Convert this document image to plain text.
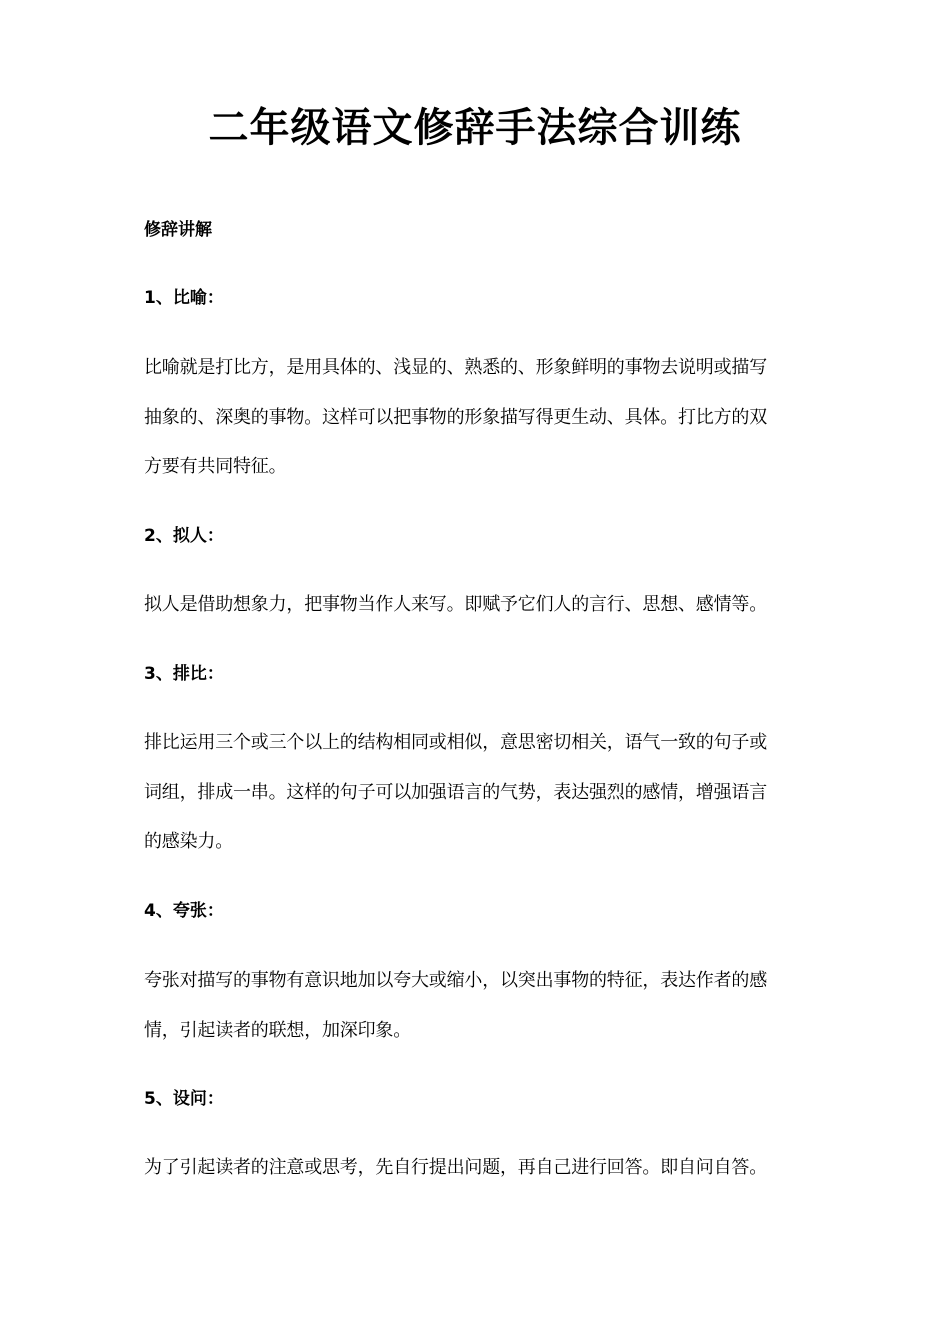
二年级语文修辞手法综合训练
修辞讲解
1、比喻：

比喻就是打比方，是用具体的、浅显的、熟悉的、形象鲜明的事物去说明或描写
抽象的、深奥的事物。这样可以把事物的形象描写得更生动、具体。打比方的双
方要有共同特征。

2、拟人：

拟人是借助想象力，把事物当作人来写。即赋予它们人的言行、思想、感情等。

3、排比：

排比运用三个或三个以上的结构相同或相似，意思密切相关，语气一致的句子或
词组，排成一串。这样的句子可以加强语言的气势，表达强烈的感情，增强语言
的感染力。

4、夸张：

夸张对描写的事物有意识地加以夸大或缩小，以突出事物的特征，表达作者的感
情，引起读者的联想，加深印象。

5、设问：

为了引起读者的注意或思考，先自行提出问题，再自己进行回答。即自问自答。
